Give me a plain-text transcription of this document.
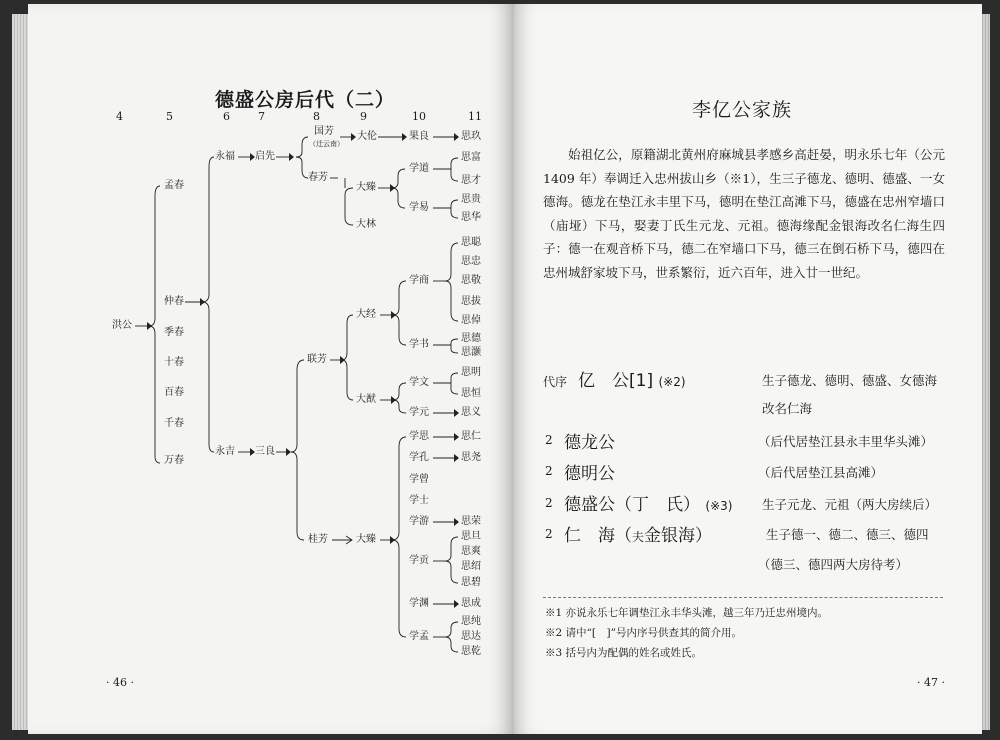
德盛公房后代（二）
4	5	6	7	8	9	10	11
洪公
孟春
仲春
季春
十春
百春
千春
万春
永福
永吉
启先
三良
国芳
（迁云南）
春芳
联芳
桂芳
大伦
大臻
大林
大经
大猷
大臻
果良
学道
学易
学商
学书
学文
学元
学思
学孔
学曾
学士
学游
学贡
学渊
学孟
思玖
思富
思才
思贵
思华
思聪
思忠
思敬
思拔
思倬
思德
思灏
思明
思恒
思义
思仁
思尧
思荣
思旦
思爽
思绍
思碧
思成
思纯
思达
思乾
· 46 ·
李亿公家族
始祖亿公，原籍湖北黄州府麻城县孝感乡高赶晏，明永乐七年（公元 1409 年）奉调迁入忠州拔山乡（※1），生三子德龙、德明、德盛、一女德海。德龙在垫江永丰里下马，德明在垫江高滩下马，德盛在忠州窄墙口（庙垭）下马，娶妻丁氏生元龙、元祖。德海缘配金银海改名仁海生四子：德一在观音桥下马，德二在窄墙口下马，德三在倒石桥下马，德四在忠州城舒家坡下马，世系繁衍，近六百年，进入廿一世纪。
代序 亿　公[1] (※2)	生子德龙、德明、德盛、女德海
改名仁海
2 德龙公	（后代居垫江县永丰里华头滩）
2 德明公	（后代居垫江县高滩）
2 德盛公（丁　氏） (※3) 生子元龙、元祖（两大房续后）
2 仁　海（夫金银海）	生子德一、德二、德三、德四
（德三、德四两大房待考）
※1 亦说永乐七年调垫江永丰华头滩，越三年乃迁忠州境内。
※2 请中“[　]”号内序号供查其的简介用。
※3 括号内为配偶的姓名或姓氏。
· 47 ·
